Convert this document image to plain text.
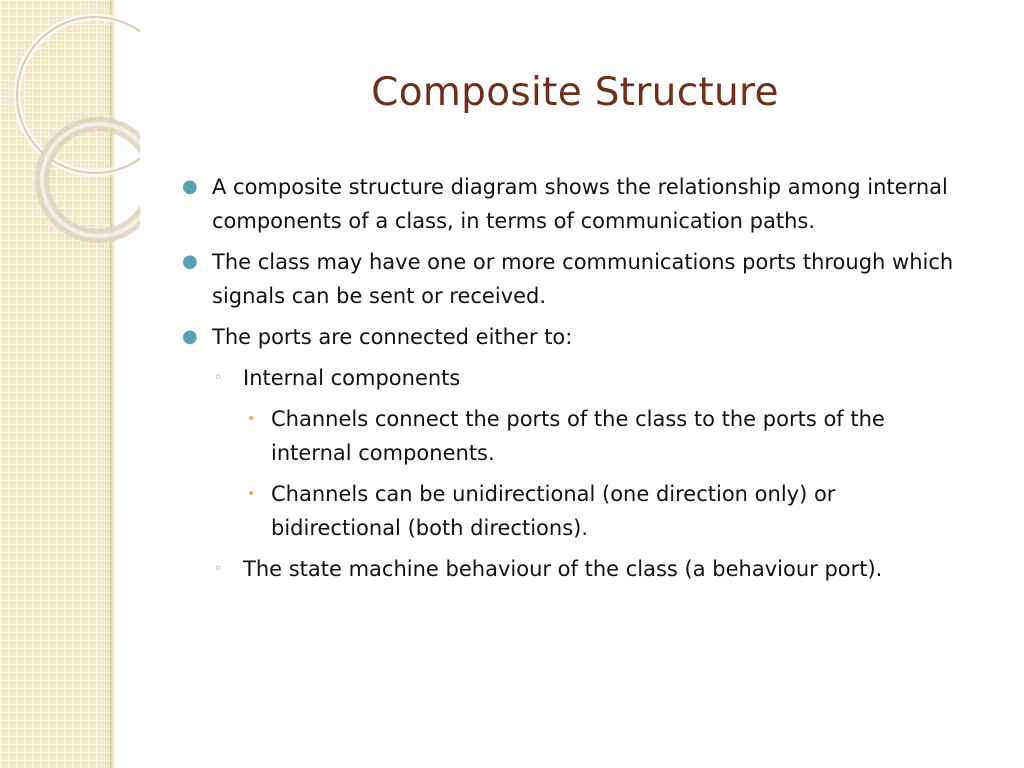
Composite Structure
● A composite structure diagram shows the relationship among internal components of a class, in terms of communication paths.
● The class may have one or more communications ports through which signals can be sent or received.
● The ports are connected either to:
◦ Internal components
• Channels connect the ports of the class to the ports of the internal components.
• Channels can be unidirectional (one direction only) or bidirectional (both directions).
◦ The state machine behaviour of the class (a behaviour port).
